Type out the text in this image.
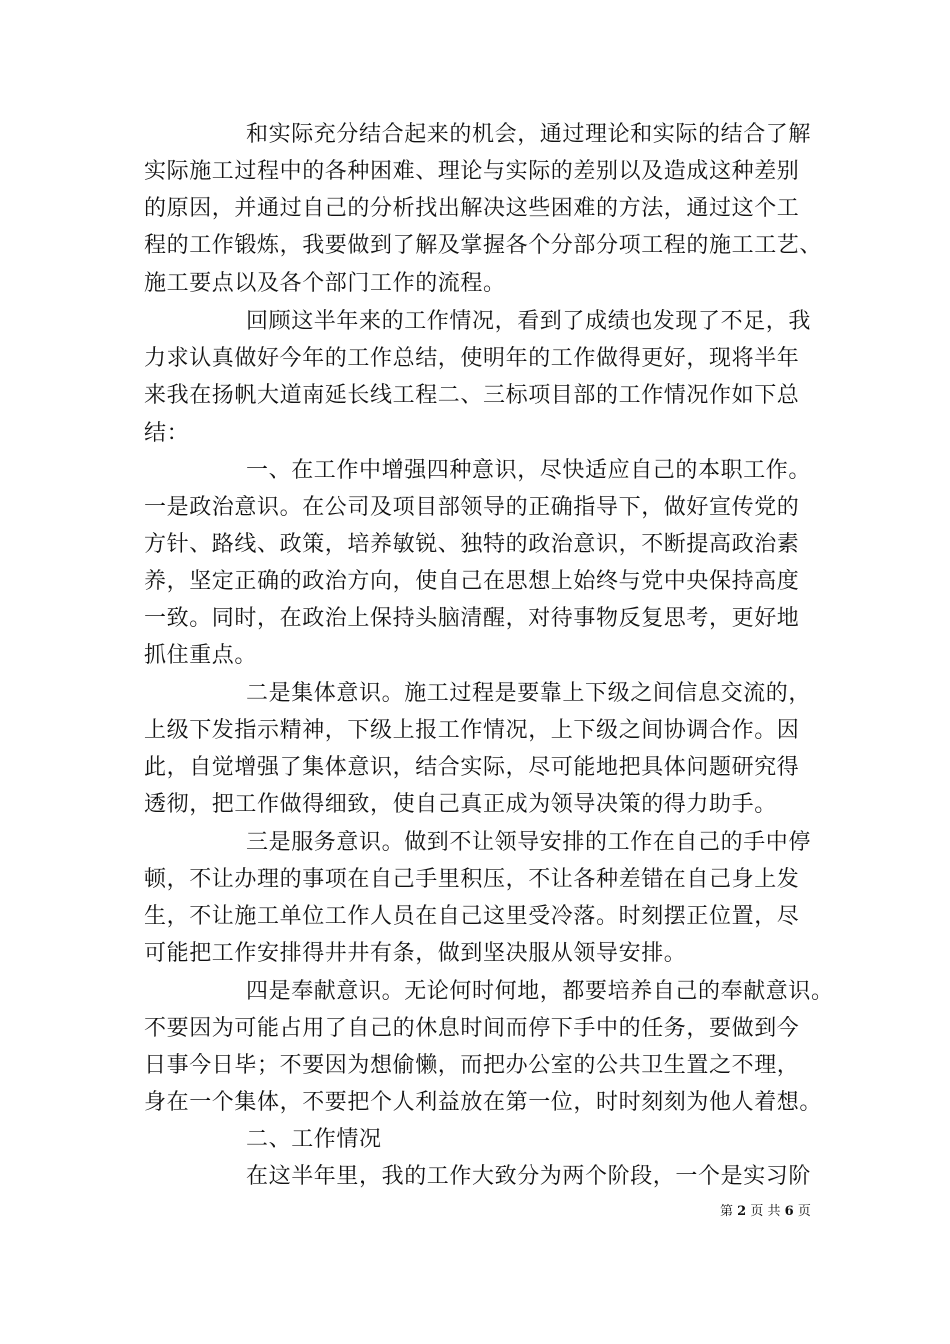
和实际充分结合起来的机会，通过理论和实际的结合了解
实际施工过程中的各种困难、理论与实际的差别以及造成这种差别
的原因，并通过自己的分析找出解决这些困难的方法，通过这个工
程的工作锻炼，我要做到了解及掌握各个分部分项工程的施工工艺、
施工要点以及各个部门工作的流程。
回顾这半年来的工作情况，看到了成绩也发现了不足，我
力求认真做好今年的工作总结，使明年的工作做得更好，现将半年
来我在扬帆大道南延长线工程二、三标项目部的工作情况作如下总
结：
一、在工作中增强四种意识，尽快适应自己的本职工作。
一是政治意识。在公司及项目部领导的正确指导下，做好宣传党的
方针、路线、政策，培养敏锐、独特的政治意识，不断提高政治素
养，坚定正确的政治方向，使自己在思想上始终与党中央保持高度
一致。同时，在政治上保持头脑清醒，对待事物反复思考，更好地
抓住重点。
二是集体意识。施工过程是要靠上下级之间信息交流的，
上级下发指示精神，下级上报工作情况，上下级之间协调合作。因
此，自觉增强了集体意识，结合实际，尽可能地把具体问题研究得
透彻，把工作做得细致，使自己真正成为领导决策的得力助手。
三是服务意识。做到不让领导安排的工作在自己的手中停
顿，不让办理的事项在自己手里积压，不让各种差错在自己身上发
生，不让施工单位工作人员在自己这里受冷落。时刻摆正位置，尽
可能把工作安排得井井有条，做到坚决服从领导安排。
四是奉献意识。无论何时何地，都要培养自己的奉献意识。
不要因为可能占用了自己的休息时间而停下手中的任务，要做到今
日事今日毕；不要因为想偷懒，而把办公室的公共卫生置之不理，
身在一个集体，不要把个人利益放在第一位，时时刻刻为他人着想。
二、工作情况
在这半年里，我的工作大致分为两个阶段，一个是实习阶
第 2 页 共 6 页
